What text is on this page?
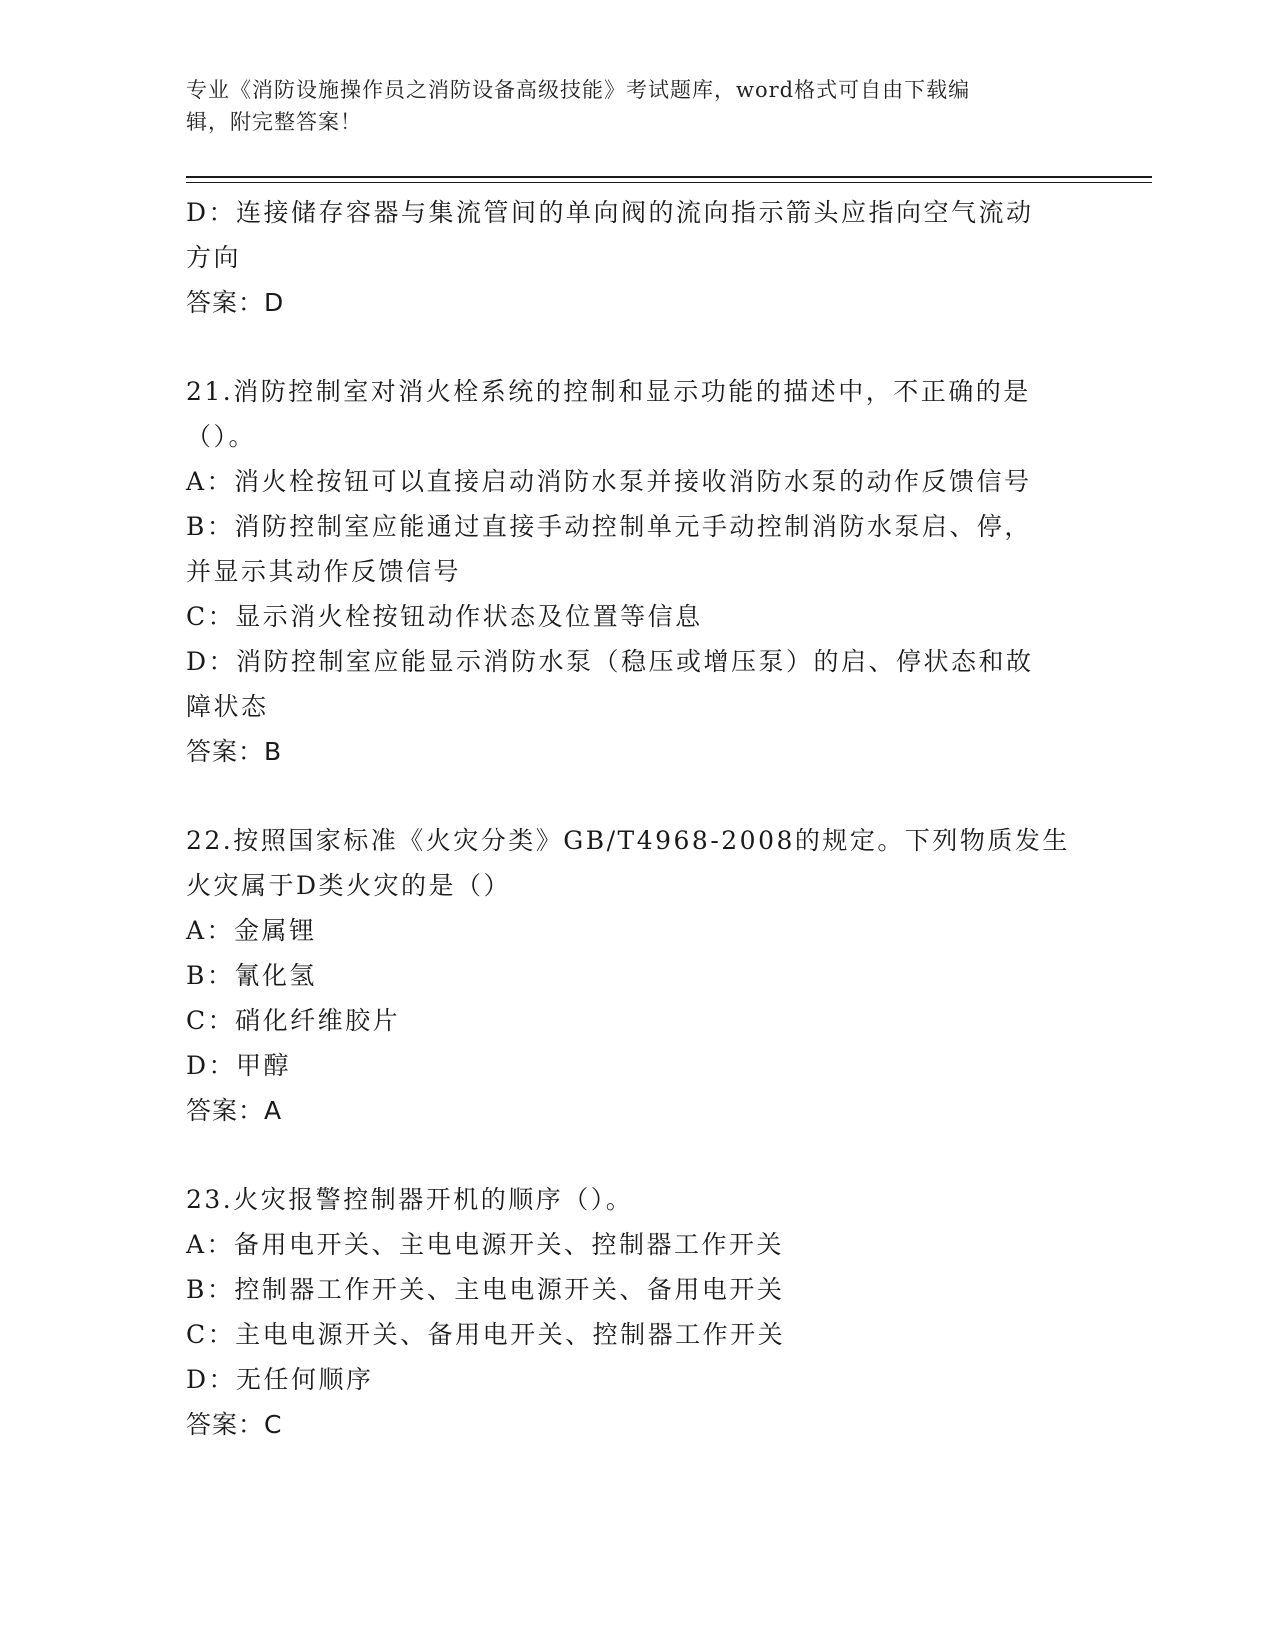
专业《消防设施操作员之消防设备高级技能》考试题库，word格式可自由下载编
辑，附完整答案！
D：连接储存容器与集流管间的单向阀的流向指示箭头应指向空气流动
方向
答案：D
21.消防控制室对消火栓系统的控制和显示功能的描述中，不正确的是
（）。
A：消火栓按钮可以直接启动消防水泵并接收消防水泵的动作反馈信号
B：消防控制室应能通过直接手动控制单元手动控制消防水泵启、停，
并显示其动作反馈信号
C：显示消火栓按钮动作状态及位置等信息
D：消防控制室应能显示消防水泵（稳压或增压泵）的启、停状态和故
障状态
答案：B
22.按照国家标准《火灾分类》GB/T4968-2008的规定。下列物质发生
火灾属于D类火灾的是（）
A：金属锂
B：氰化氢
C：硝化纤维胶片
D：甲醇
答案：A
23.火灾报警控制器开机的顺序（）。
A：备用电开关、主电电源开关、控制器工作开关
B：控制器工作开关、主电电源开关、备用电开关
C：主电电源开关、备用电开关、控制器工作开关
D：无任何顺序
答案：C
